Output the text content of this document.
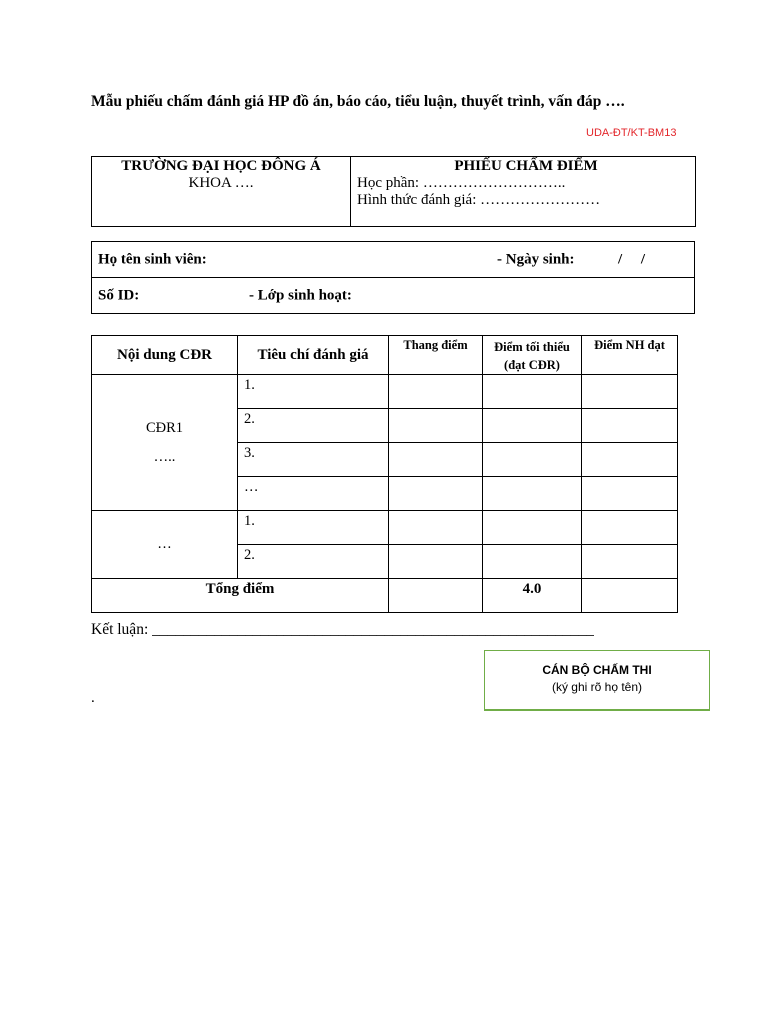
Mẫu phiếu chấm đánh giá HP đồ án, báo cáo, tiểu luận, thuyết trình, vấn đáp ….
UDA-ĐT/KT-BM13
TRƯỜNG ĐẠI HỌC ĐÔNG Á
KHOA ….

PHIẾU CHẤM ĐIỂM
Học phần: ………………………..
Hình thức đánh giá: ……………………
Họ tên sinh viên:	- Ngày sinh:	/     /

Số ID:	- Lớp sinh hoạt:
Nội dung CĐR	Tiêu chí đánh giá	Thang điểm	Điểm tối thiểu (đạt CĐR)	Điểm NH đạt

CĐR1
…..	1.			
	2.			
	3.			
	…			

…	1.			
	2.			
Tổng điểm			4.0	
Kết luận: _________________________________________________________
.
CÁN BỘ CHẤM THI
(ký ghi rõ họ tên)
